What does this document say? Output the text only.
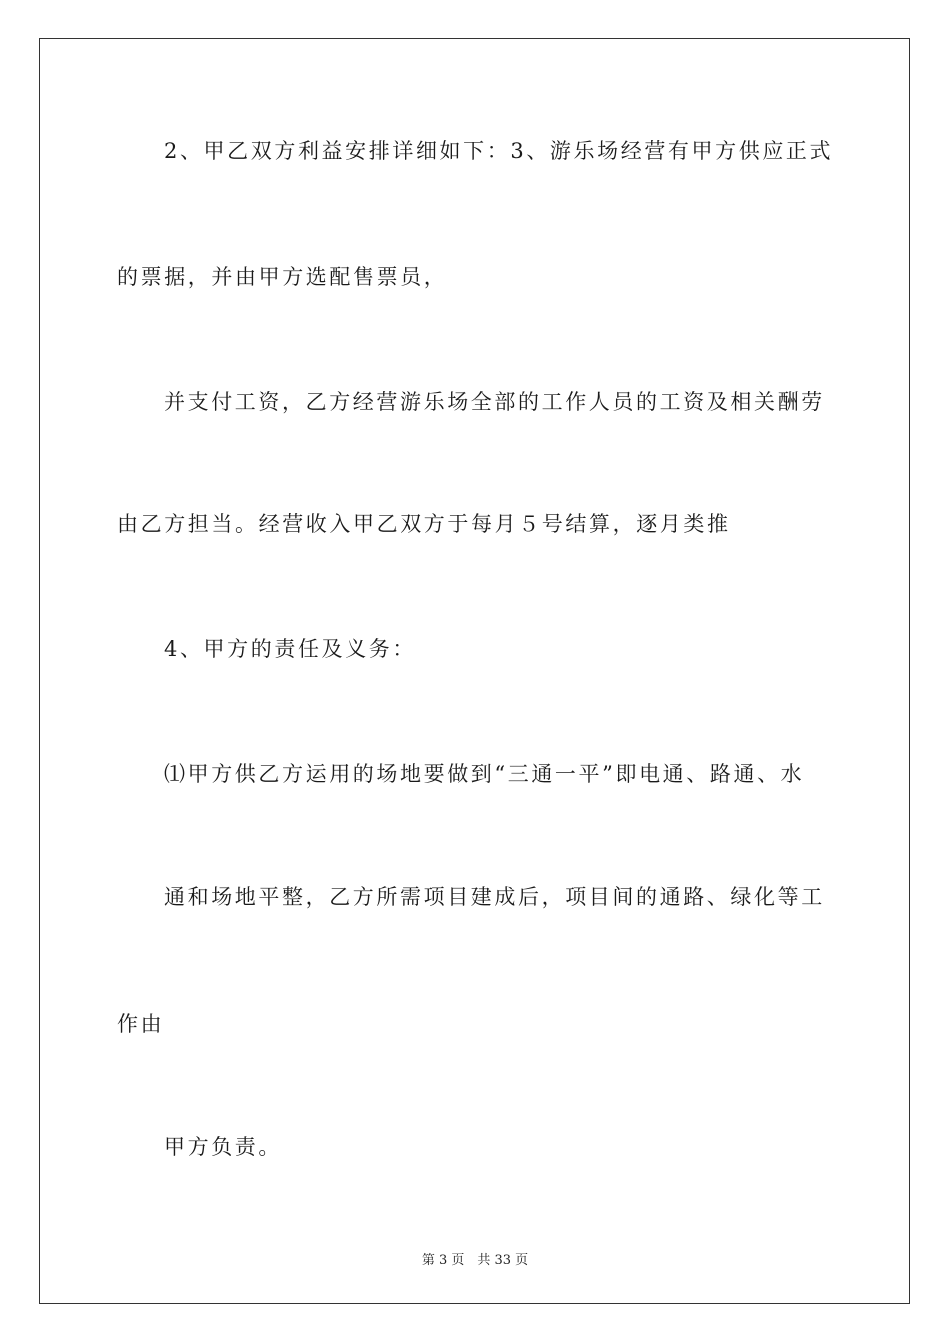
2、甲乙双方利益安排详细如下：3、游乐场经营有甲方供应正式
的票据，并由甲方选配售票员，
并支付工资，乙方经营游乐场全部的工作人员的工资及相关酬劳
由乙方担当。经营收入甲乙双方于每月５号结算，逐月类推
4、甲方的责任及义务：
⑴甲方供乙方运用的场地要做到“三通一平”即电通、路通、水
通和场地平整，乙方所需项目建成后，项目间的通路、绿化等工
作由
甲方负责。
第 3 页　共 33 页
